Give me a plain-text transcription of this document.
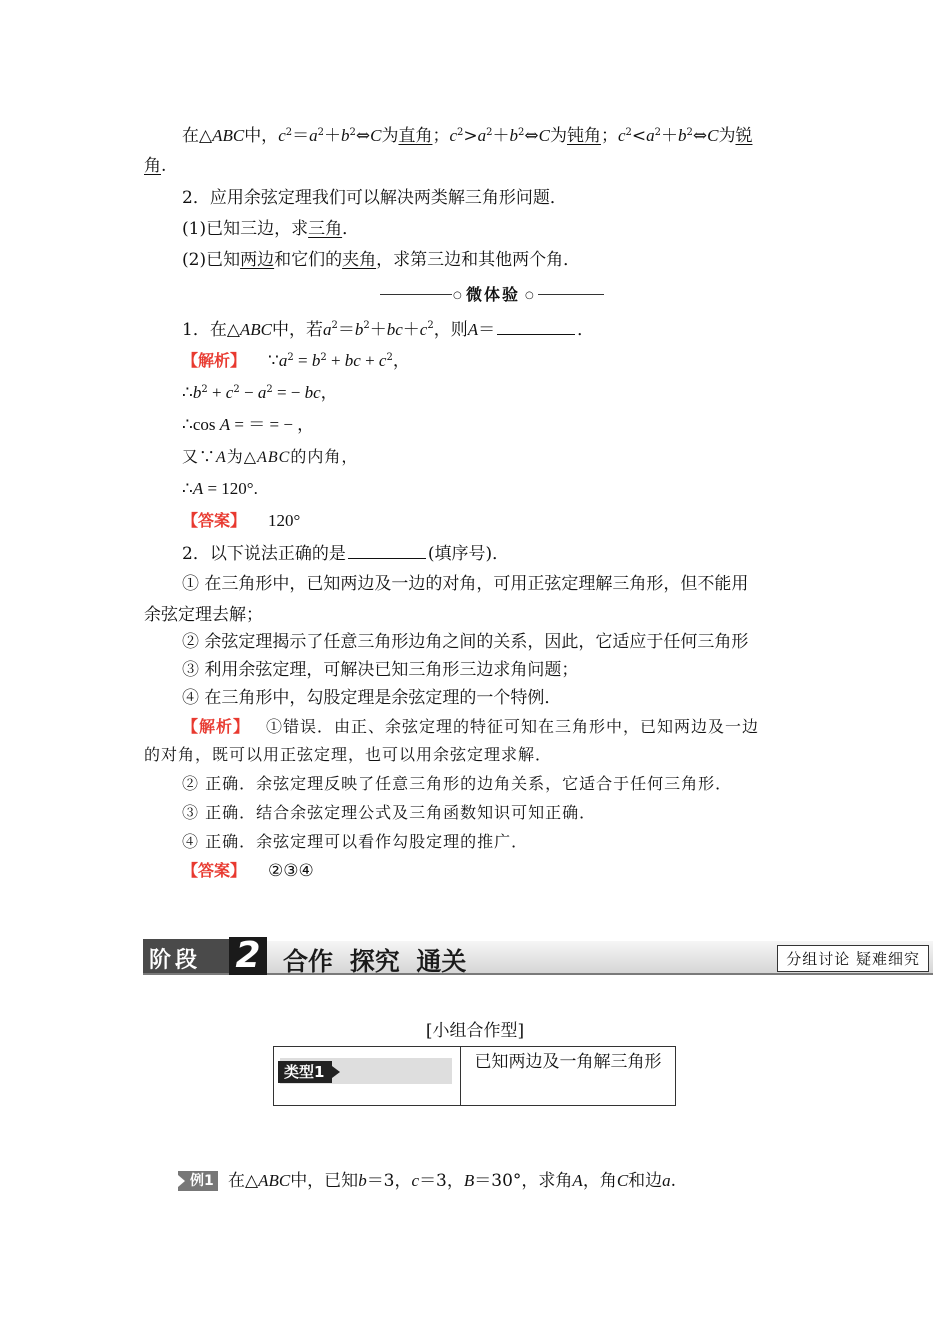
在△ABC中，$c^2=a^2+b^2\Leftrightarrow C$为直角；$c^2>a^2+b^2\Leftrightarrow C$为钝角；$c^2<a^2+b^2\Leftrightarrow C$为锐
角.
2．应用余弦定理我们可以解决两类解三角形问题．
(1)已知三边，求三角．
(2)已知两边和它们的夹角，求第三边和其他两个角．
○ 微体验 ○
1．在△ABC中，若$a^2=b^2+bc+c^2$，则A＝	．
【解析】 $\because a^2 = b^2$ + bc + $c^2$，
$\therefore b^2 + c^2 - a^2$ = − bc，
∴cos A = ＝ = − ，
又∵A为△ABC的内角，
∴A = 120°.
【答案】 120°
2．以下说法正确的是	(填序号)．
① 在三角形中，已知两边及一边的对角，可用正弦定理解三角形，但不能用
余弦定理去解；
② 余弦定理揭示了任意三角形边角之间的关系，因此，它适应于任何三角形
③ 利用余弦定理，可解决已知三角形三边求角问题；
④ 在三角形中，勾股定理是余弦定理的一个特例．
【解析】 ①错误．由正、余弦定理的特征可知在三角形中，已知两边及一边
的对角，既可以用正弦定理，也可以用余弦定理求解．
② 正确．余弦定理反映了任意三角形的边角关系，它适合于任何三角形．
③ 正确．结合余弦定理公式及三角函数知识可知正确．
④ 正确．余弦定理可以看作勾股定理的推广．
【答案】 ②③④
阶段 2 合作 探究 通关	分组讨论 疑难细究
[小组合作型]
类型1	已知两边及一角解三角形
例1 在△ABC中，已知b＝3，c＝3，B＝30°，求角A，角C和边a.
